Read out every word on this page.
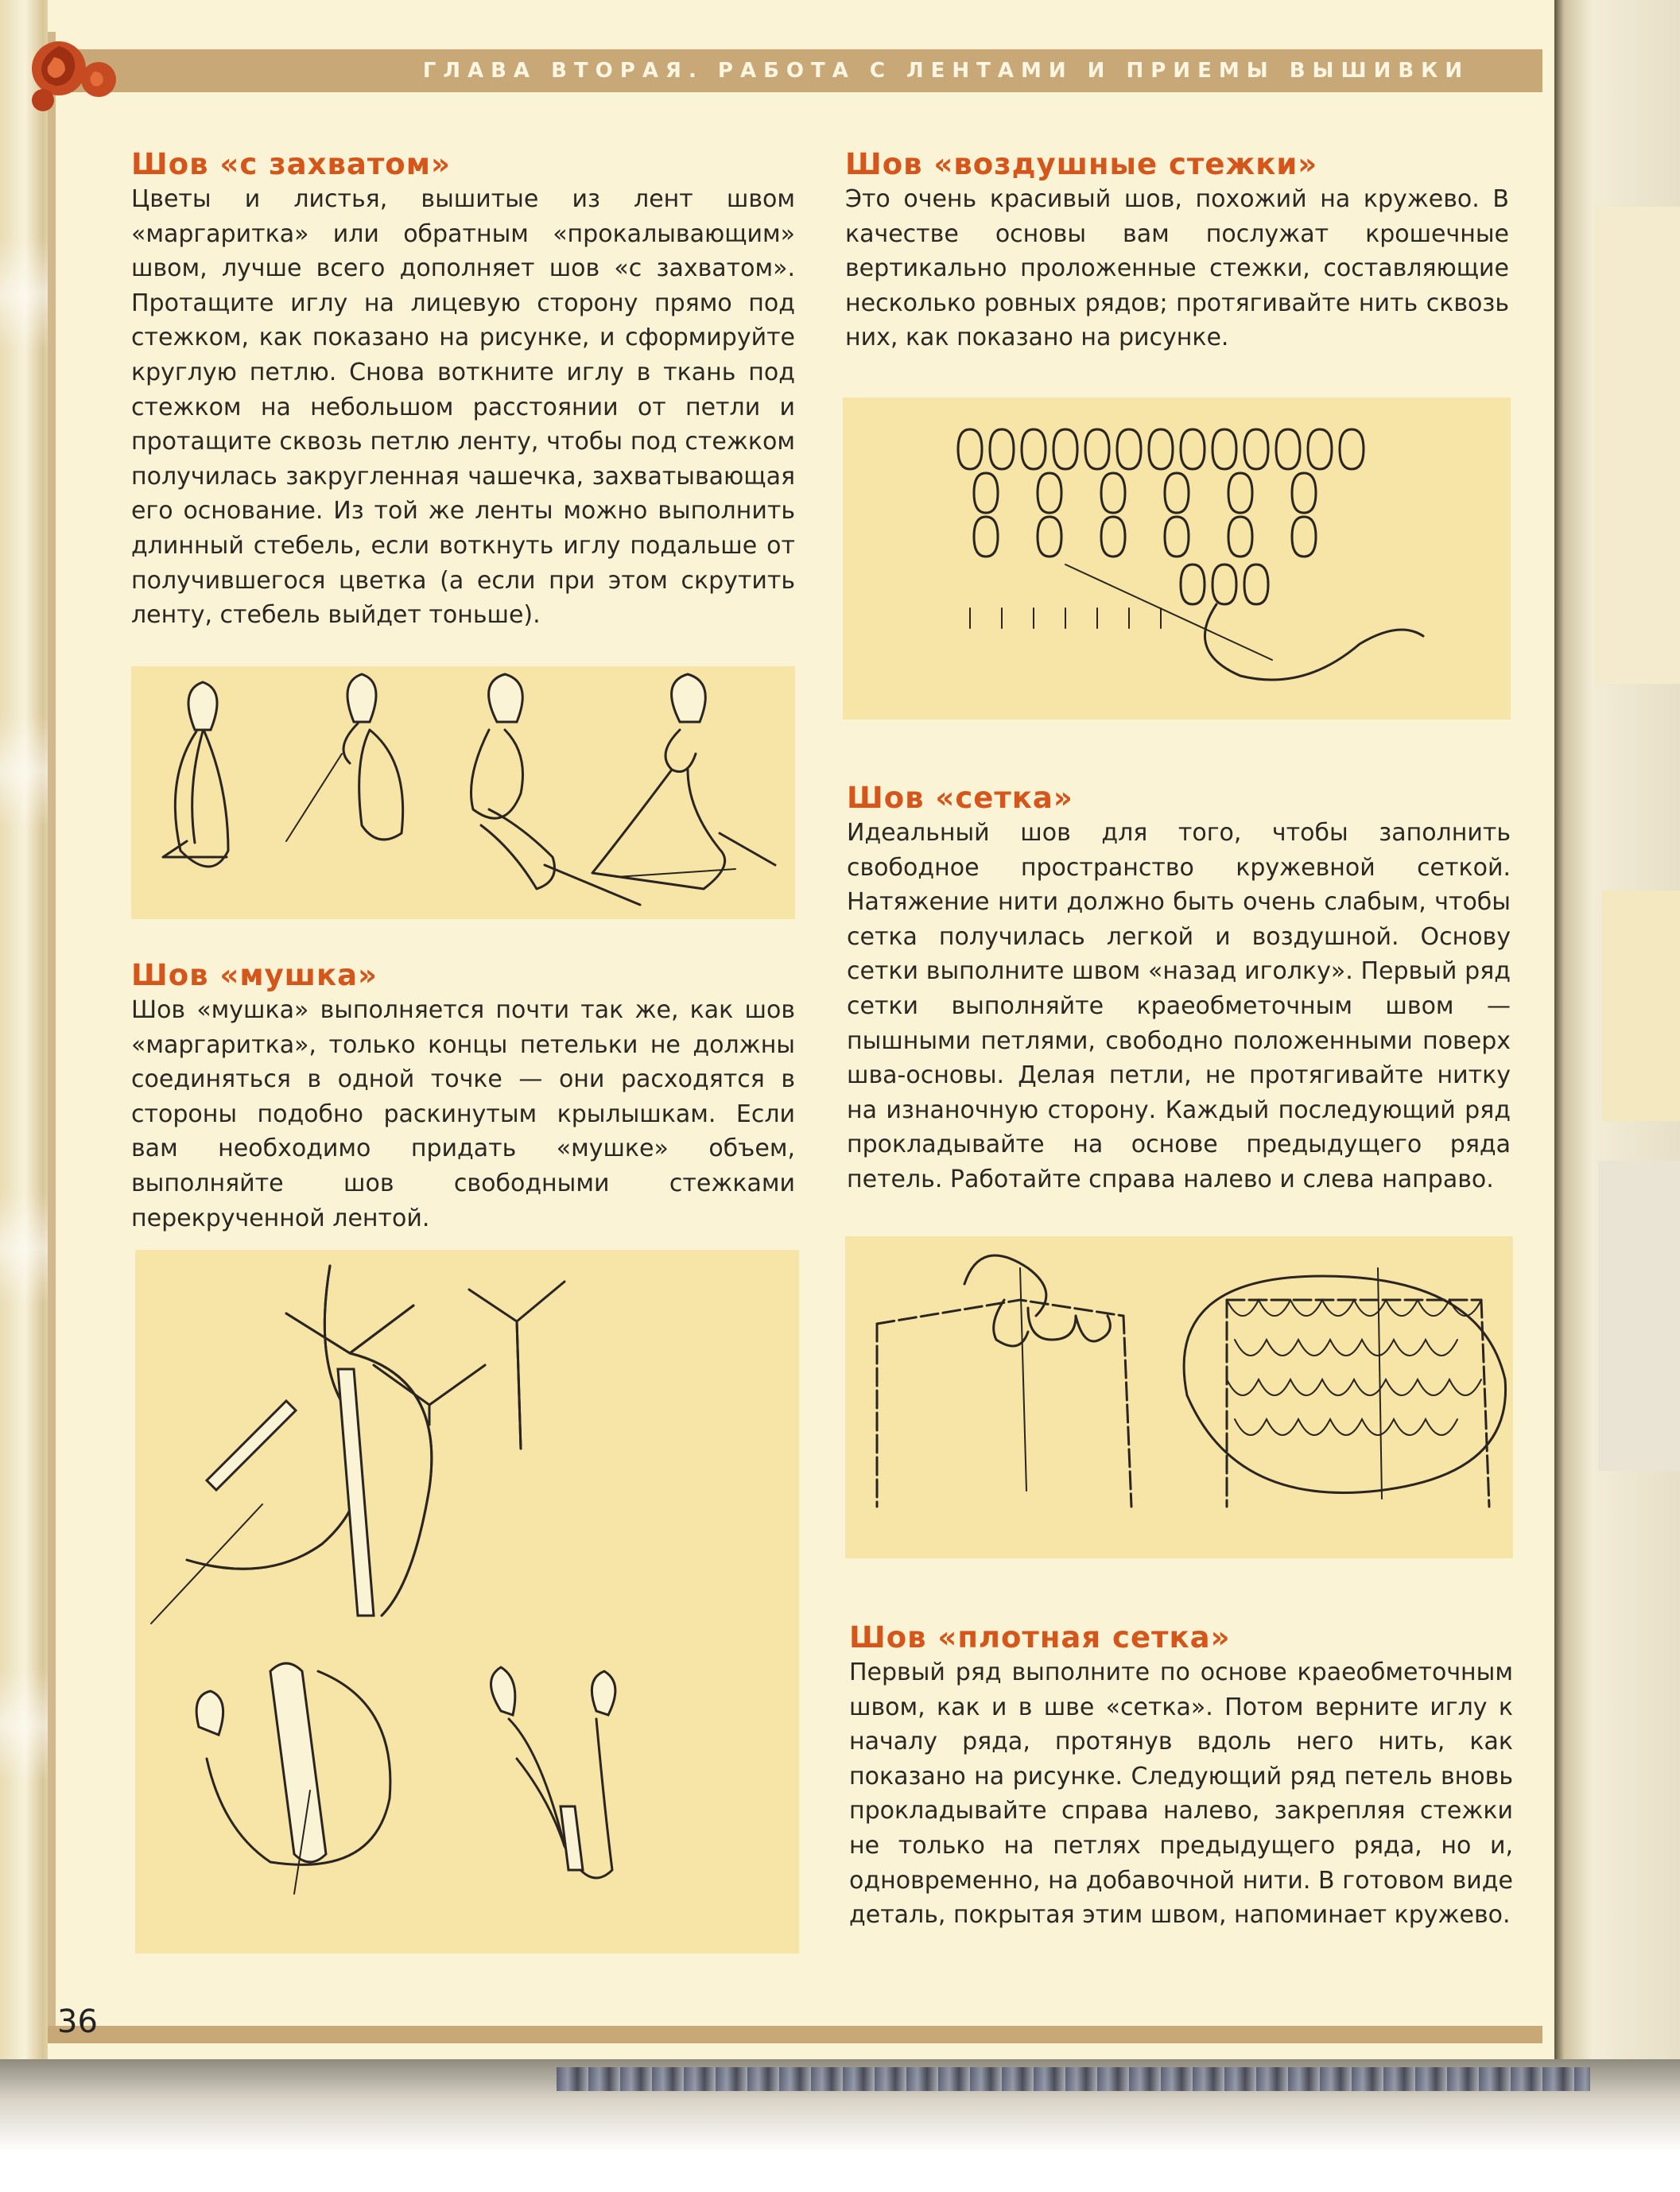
ГЛАВА ВТОРАЯ. РАБОТА С ЛЕНТАМИ И ПРИЕМЫ ВЫШИВКИ
Шов «с захватом»

Цветы и листья, вышитые из лент швом «маргаритка» или обратным «прокалывающим» швом, лучше всего дополняет шов «с захватом». Протащите иглу на лицевую сторону прямо под стежком, как показано на рисунке, и сформируйте круглую петлю. Снова воткните иглу в ткань под стежком на небольшом расстоянии от петли и протащите сквозь петлю ленту, чтобы под стежком получилась закругленная чашечка, захватывающая его основание. Из той же ленты можно выполнить длинный стебель, если воткнуть иглу подальше от получившегося цветка (а если при этом скрутить ленту, стебель выйдет тоньше).

Шов «мушка»

Шов «мушка» выполняется почти так же, как шов «маргаритка», только концы петельки не должны соединяться в одной точке — они расходятся в стороны подобно раскинутым крылышкам. Если вам необходимо придать «мушке» объем, выполняйте шов свободными стежками перекрученной лентой.

Шов «воздушные стежки»

Это очень красивый шов, похожий на кружево. В качестве основы вам послужат крошечные вертикально проложенные стежки, составляющие несколько ровных рядов; протягивайте нить сквозь них, как показано на рисунке.

Шов «сетка»

Идеальный шов для того, чтобы заполнить свободное пространство кружевной сеткой. Натяжение нити должно быть очень слабым, чтобы сетка получилась легкой и воздушной. Основу сетки выполните швом «назад иголку». Первый ряд сетки выполняйте краеобметочным швом — пышными петлями, свободно положенными поверх шва-основы. Делая петли, не протягивайте нитку на изнаночную сторону. Каждый последующий ряд прокладывайте на основе предыдущего ряда петель. Работайте справа налево и слева направо.

Шов «плотная сетка»

Первый ряд выполните по основе краеобметочным швом, как и в шве «сетка». Потом верните иглу к началу ряда, протянув вдоль него нить, как показано на рисунке. Следующий ряд петель вновь прокладывайте справа налево, закрепляя стежки не только на петлях предыдущего ряда, но и, одновременно, на добавочной нити. В готовом виде деталь, покрытая этим швом, напоминает кружево.

36
